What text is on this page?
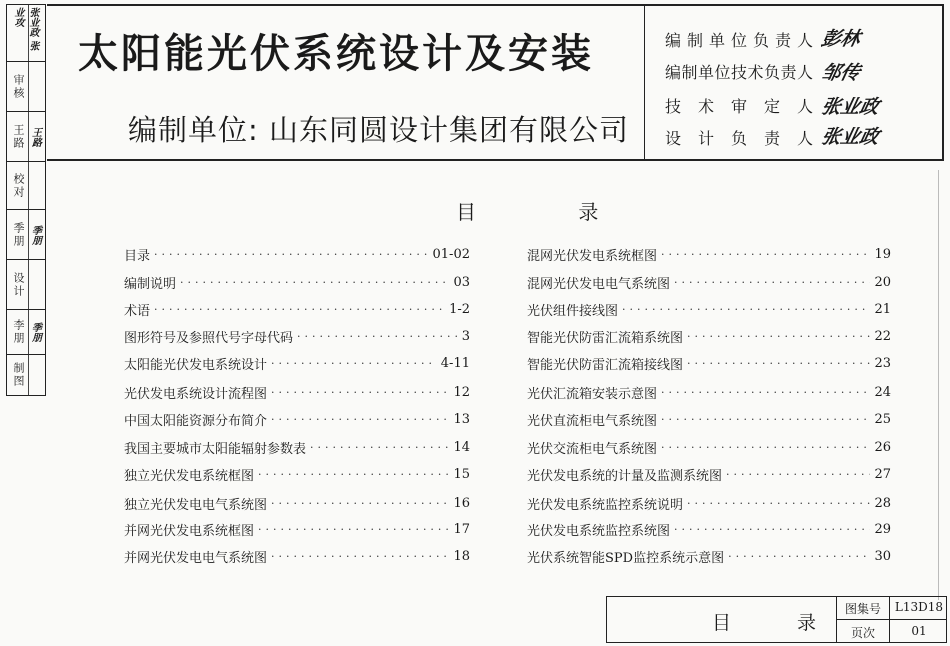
张业政 张业攻
审核
王路 王路
校对
季朋 季朋
设计
李朋 季朋
制图
太阳能光伏系统设计及安装
编制单位: 山东同圆设计集团有限公司
编制单位负责人 彭林
编制单位技术负责人 邹传
技术审定人 张业政
设计负责人 张业政
目 录
目录 ·····	01-02
编制说明 ·····	03
术语 ·····	1-2
图形符号及参照代号字母代码 ·····	3
太阳能光伏发电系统设计 ·····	4-11
光伏发电系统设计流程图 ·····	12
中国太阳能资源分布简介 ·····	13
我国主要城市太阳能辐射参数表 ·····	14
独立光伏发电系统框图 ·····	15
独立光伏发电电气系统图 ·····	16
并网光伏发电系统框图 ·····	17
并网光伏发电电气系统图 ·····	18
混网光伏发电系统框图 ·····	19
混网光伏发电电气系统图 ·····	20
光伏组件接线图 ·····	21
智能光伏防雷汇流箱系统图 ·····	22
智能光伏防雷汇流箱接线图 ·····	23
光伏汇流箱安装示意图 ·····	24
光伏直流柜电气系统图 ·····	25
光伏交流柜电气系统图 ·····	26
光伏发电系统的计量及监测系统图 ·····	27
光伏发电系统监控系统说明 ·····	28
光伏发电系统监控系统图 ·····	29
光伏系统智能SPD监控系统示意图 ·····	30
目 录
图集号	L13D18
页次	01
